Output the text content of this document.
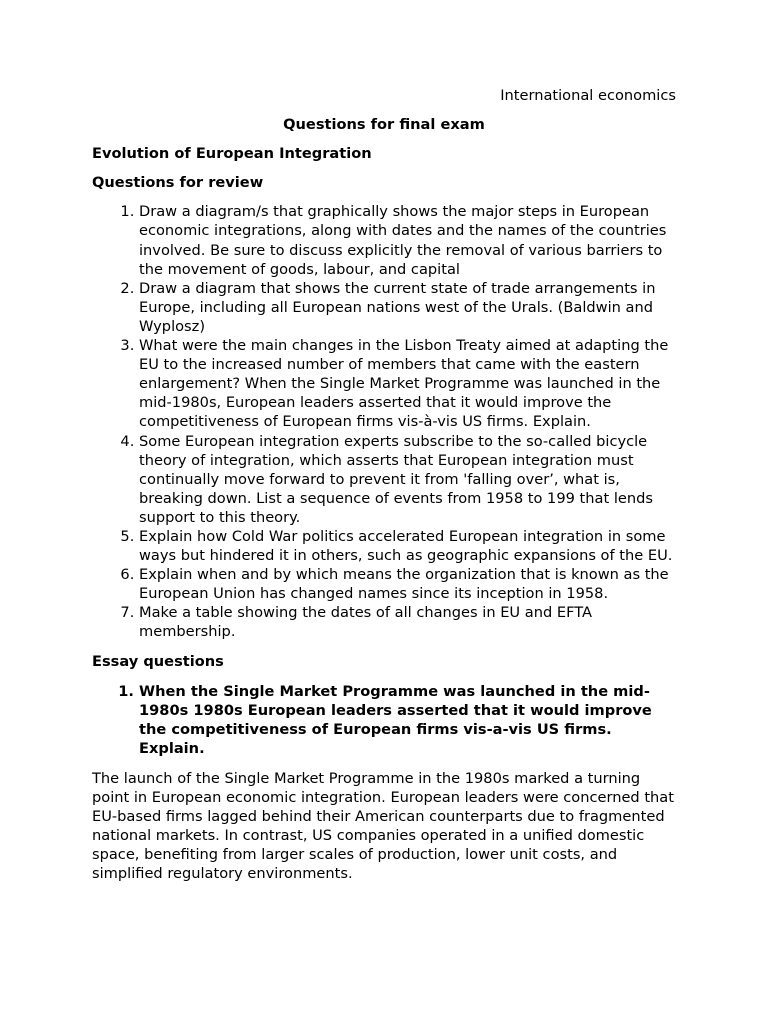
International economics

Questions for final exam

Evolution of European Integration

Questions for review

1. Draw a diagram/s that graphically shows the major steps in European economic integrations, along with dates and the names of the countries involved. Be sure to discuss explicitly the removal of various barriers to the movement of goods, labour, and capital
2. Draw a diagram that shows the current state of trade arrangements in Europe, including all European nations west of the Urals. (Baldwin and Wyplosz)
3. What were the main changes in the Lisbon Treaty aimed at adapting the EU to the increased number of members that came with the eastern enlargement? When the Single Market Programme was launched in the mid-1980s, European leaders asserted that it would improve the competitiveness of European firms vis-à-vis US firms. Explain.
4. Some European integration experts subscribe to the so-called bicycle theory of integration, which asserts that European integration must continually move forward to prevent it from 'falling over’, what is, breaking down. List a sequence of events from 1958 to 199 that lends support to this theory.
5. Explain how Cold War politics accelerated European integration in some ways but hindered it in others, such as geographic expansions of the EU.
6. Explain when and by which means the organization that is known as the European Union has changed names since its inception in 1958.
7. Make a table showing the dates of all changes in EU and EFTA membership.

Essay questions

1. When the Single Market Programme was launched in the mid-1980s 1980s European leaders asserted that it would improve the competitiveness of European firms vis-a-vis US firms. Explain.

The launch of the Single Market Programme in the 1980s marked a turning point in European economic integration. European leaders were concerned that EU-based firms lagged behind their American counterparts due to fragmented national markets. In contrast, US companies operated in a unified domestic space, benefiting from larger scales of production, lower unit costs, and simplified regulatory environments.
